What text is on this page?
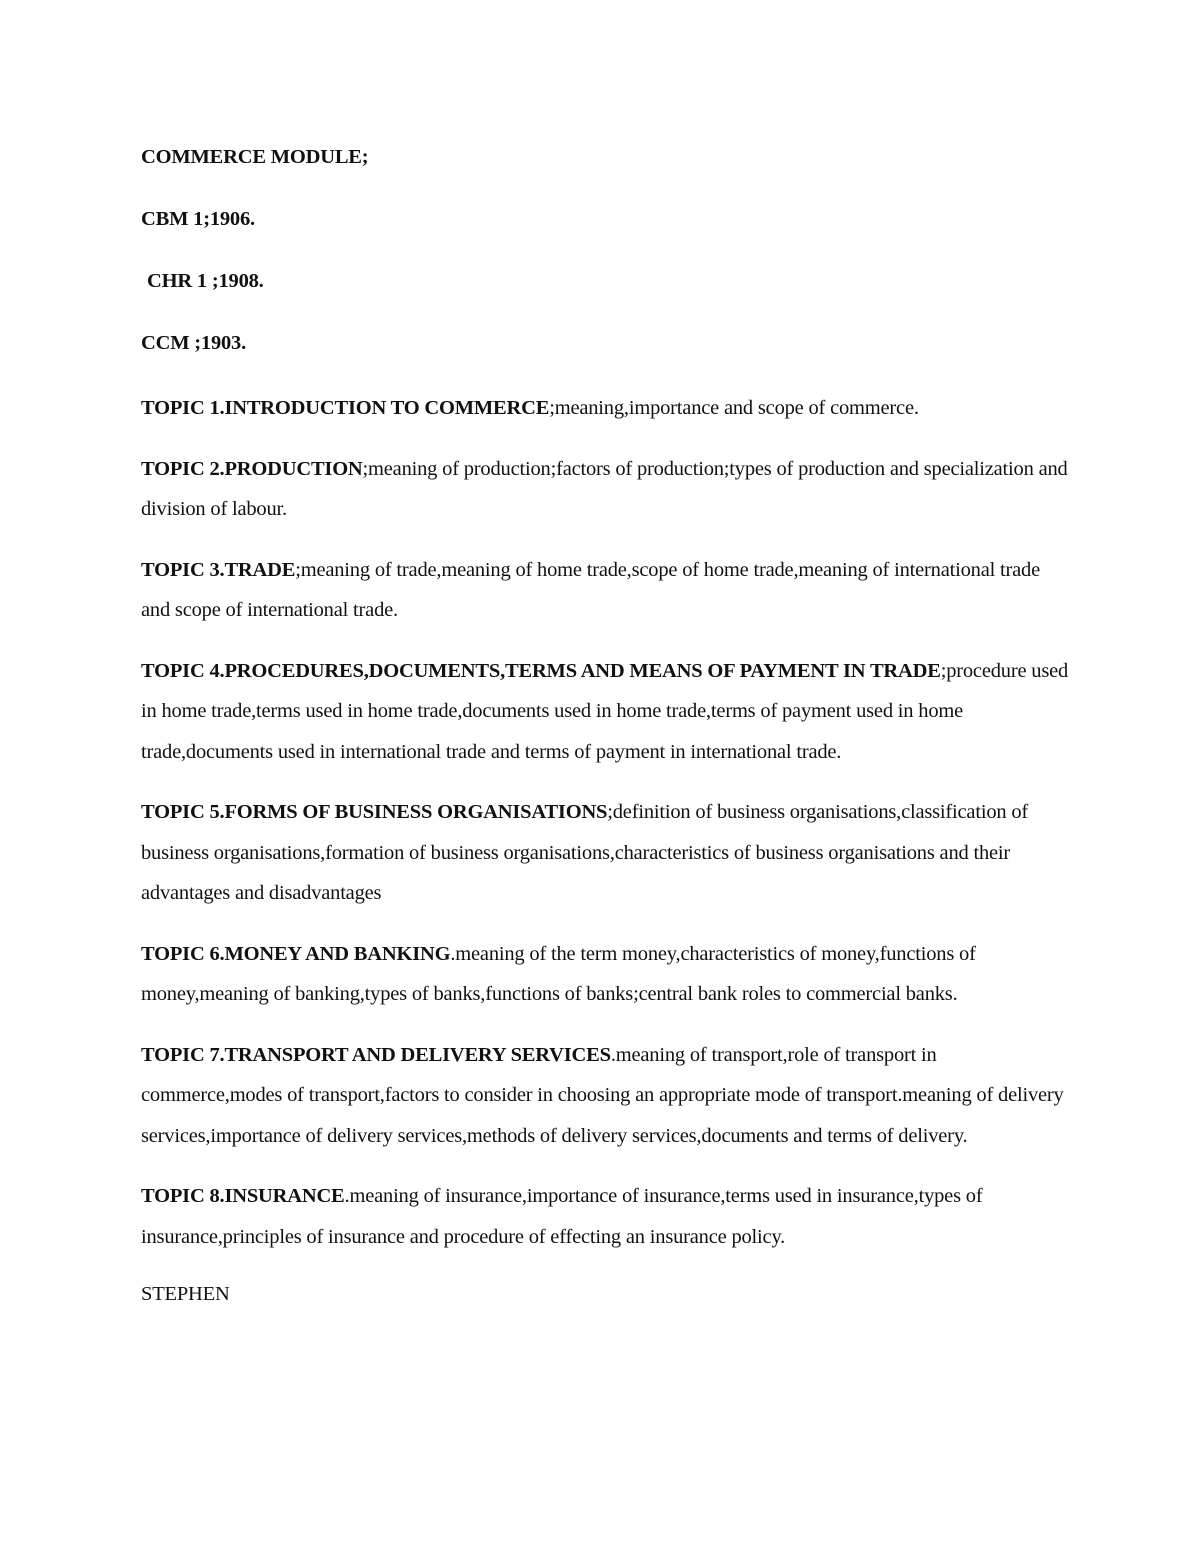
COMMERCE MODULE;

CBM 1;1906.

CHR 1 ;1908.

CCM ;1903.

TOPIC 1.INTRODUCTION TO COMMERCE;meaning,importance and scope of commerce.

TOPIC 2.PRODUCTION;meaning of production;factors of production;types of production and specialization and division of labour.

TOPIC 3.TRADE;meaning of trade,meaning of home trade,scope of home trade,meaning of international trade and scope of international trade.

TOPIC 4.PROCEDURES,DOCUMENTS,TERMS AND MEANS OF PAYMENT IN TRADE;procedure used in home trade,terms used in home trade,documents used in home trade,terms of payment used in home trade,documents used in international trade and terms of payment in international trade.

TOPIC 5.FORMS OF BUSINESS ORGANISATIONS;definition of business organisations,classification of business organisations,formation of business organisations,characteristics of business organisations and their advantages and disadvantages

TOPIC 6.MONEY AND BANKING.meaning of the term money,characteristics of money,functions of money,meaning of banking,types of banks,functions of banks;central bank roles to commercial banks.

TOPIC 7.TRANSPORT AND DELIVERY SERVICES.meaning of transport,role of transport in commerce,modes of transport,factors to consider in choosing an appropriate mode of transport.meaning of delivery services,importance of delivery services,methods of delivery services,documents and terms of delivery.

TOPIC 8.INSURANCE.meaning of insurance,importance of insurance,terms used in insurance,types of insurance,principles of insurance and procedure of effecting an insurance policy.

STEPHEN
